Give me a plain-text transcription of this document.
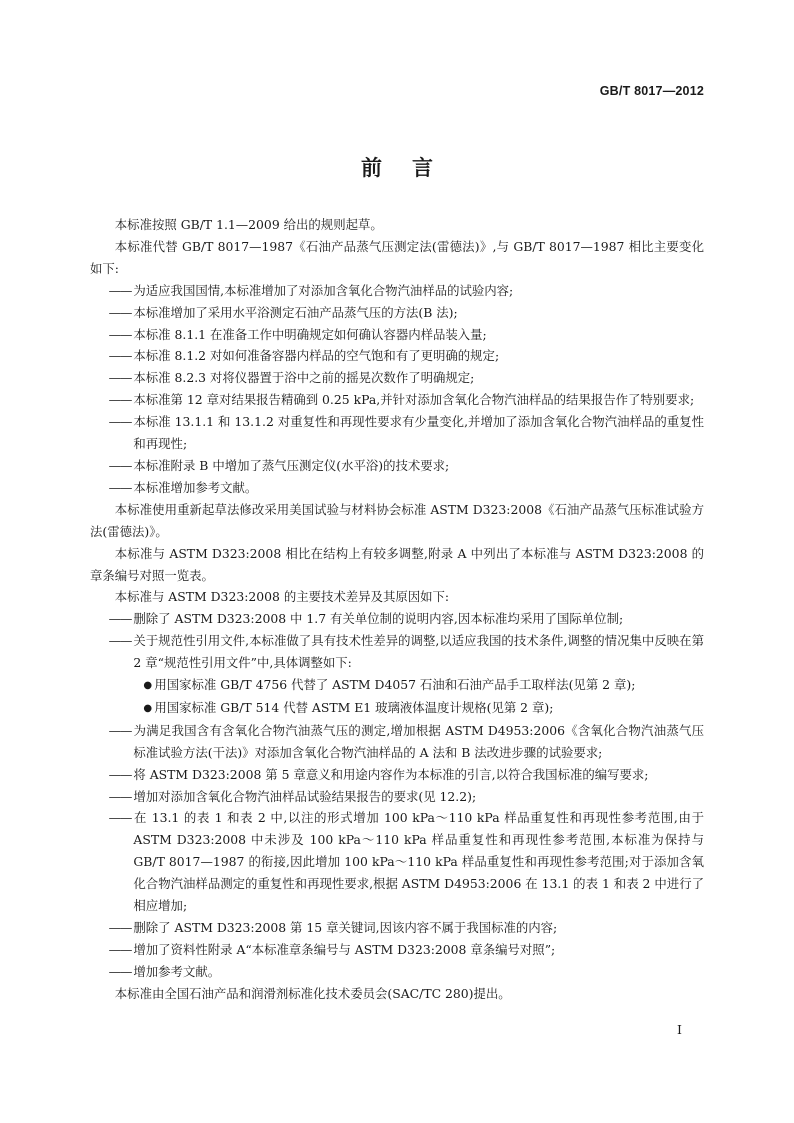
GB/T 8017—2012
前言

本标准按照 GB/T 1.1—2009 给出的规则起草。

本标准代替 GB/T 8017—1987《石油产品蒸气压测定法(雷德法)》,与 GB/T 8017—1987 相比主要变化如下:

—— 为适应我国国情,本标准增加了对添加含氧化合物汽油样品的试验内容;

—— 本标准增加了采用水平浴测定石油产品蒸气压的方法(B 法);

—— 本标准 8.1.1 在准备工作中明确规定如何确认容器内样品装入量;

—— 本标准 8.1.2 对如何准备容器内样品的空气饱和有了更明确的规定;

—— 本标准 8.2.3 对将仪器置于浴中之前的摇晃次数作了明确规定;

—— 本标准第 12 章对结果报告精确到 0.25 kPa,并针对添加含氧化合物汽油样品的结果报告作了特别要求;

—— 本标准 13.1.1 和 13.1.2 对重复性和再现性要求有少量变化,并增加了添加含氧化合物汽油样品的重复性和再现性;

—— 本标准附录 B 中增加了蒸气压测定仪(水平浴)的技术要求;

—— 本标准增加参考文献。

本标准使用重新起草法修改采用美国试验与材料协会标准 ASTM D323:2008《石油产品蒸气压标准试验方法(雷德法)》。

本标准与 ASTM D323:2008 相比在结构上有较多调整,附录 A 中列出了本标准与 ASTM D323:2008 的章条编号对照一览表。

本标准与 ASTM D323:2008 的主要技术差异及其原因如下:

—— 删除了 ASTM D323:2008 中 1.7 有关单位制的说明内容,因本标准均采用了国际单位制;

—— 关于规范性引用文件,本标准做了具有技术性差异的调整,以适应我国的技术条件,调整的情况集中反映在第 2 章“规范性引用文件”中,具体调整如下:

● 用国家标准 GB/T 4756 代替了 ASTM D4057 石油和石油产品手工取样法(见第 2 章);

● 用国家标准 GB/T 514 代替 ASTM E1 玻璃液体温度计规格(见第 2 章);

—— 为满足我国含有含氧化合物汽油蒸气压的测定,增加根据 ASTM D4953:2006《含氧化合物汽油蒸气压标准试验方法(干法)》对添加含氧化合物汽油样品的 A 法和 B 法改进步骤的试验要求;

—— 将 ASTM D323:2008 第 5 章意义和用途内容作为本标准的引言,以符合我国标准的编写要求;

—— 增加对添加含氧化合物汽油样品试验结果报告的要求(见 12.2);

—— 在 13.1 的表 1 和表 2 中,以注的形式增加 100 kPa～110 kPa 样品重复性和再现性参考范围,由于 ASTM D323:2008 中未涉及 100 kPa～110 kPa 样品重复性和再现性参考范围,本标准为保持与 GB/T 8017—1987 的衔接,因此增加 100 kPa～110 kPa 样品重复性和再现性参考范围;对于添加含氧化合物汽油样品测定的重复性和再现性要求,根据 ASTM D4953:2006 在 13.1 的表 1 和表 2 中进行了相应增加;

—— 删除了 ASTM D323:2008 第 15 章关键词,因该内容不属于我国标准的内容;

—— 增加了资料性附录 A“本标准章条编号与 ASTM D323:2008 章条编号对照”;

—— 增加参考文献。

本标准由全国石油产品和润滑剂标准化技术委员会(SAC/TC 280)提出。

I
